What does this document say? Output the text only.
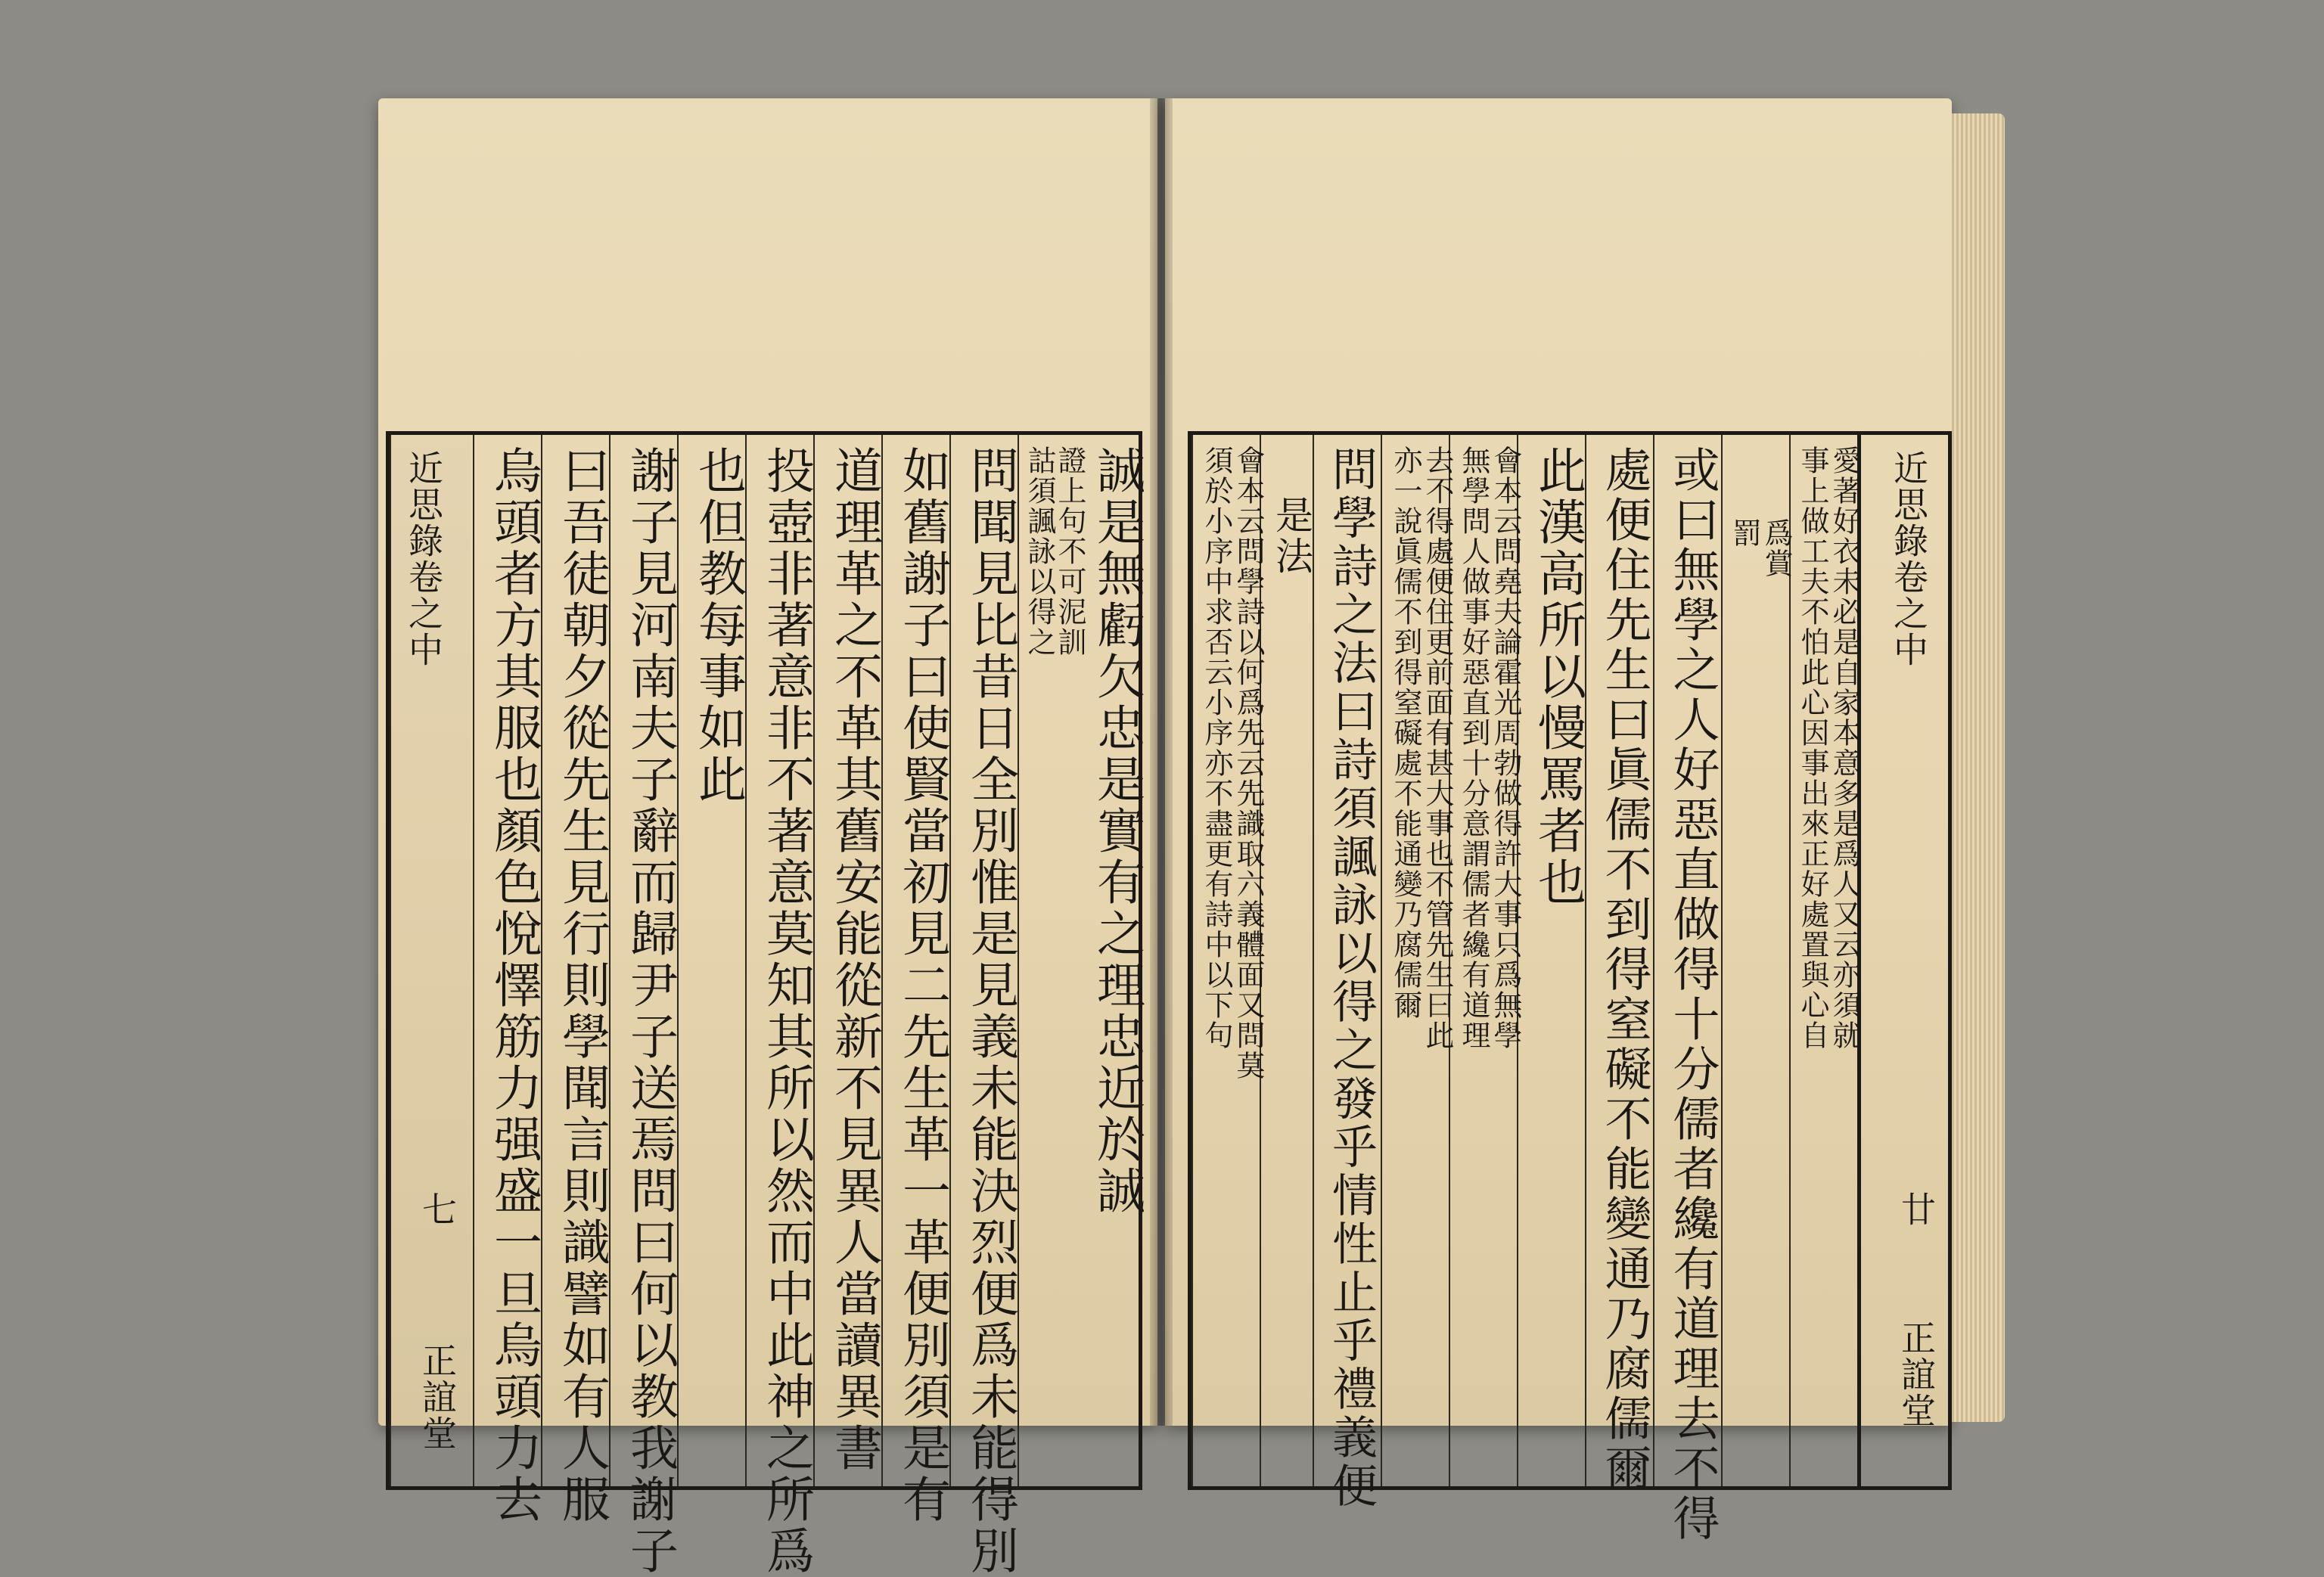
誠是無虧欠忠是實有之理忠近於誠
證上句不可泥訓
詁須諷詠以得之
問聞見比昔日全別惟是見義未能決烈便爲未能得別
如舊謝子曰使賢當初見二先生革一革便別須是有
道理革之不革其舊安能從新不見異人當讀異書
投壺非著意非不著意莫知其所以然而中此神之所爲
也但教每事如此
謝子見河南夫子辭而歸尹子送焉問曰何以教我謝子
曰吾徒朝夕從先生見行則學聞言則識譬如有人服
烏頭者方其服也顏色悅懌筋力强盛一旦烏頭力去
近思錄卷之中
七
正誼堂
近思錄卷之中
廿
正誼堂
愛著好衣未必是自家本意多是爲人又云亦須就
事上做工夫不怕此心因事出來正好處置與心自
爲賞
罰
或曰無學之人好惡直做得十分儒者纔有道理去不得
處便住先生曰眞儒不到得窒礙不能變通乃腐儒爾
此漢高所以慢罵者也
會本云問堯夫論霍光周勃做得許大事只爲無學
無學問人做事好惡直到十分意謂儒者纔有道理
去不得處便住更前面有甚大事也不管先生曰此
亦一說眞儒不到得窒礙處不能通變乃腐儒爾
問學詩之法曰詩須諷詠以得之發乎情性止乎禮義便
是法
會本云問學詩以何爲先云先識取六義體面又問莫
須於小序中求否云小序亦不盡更有詩中以下句
